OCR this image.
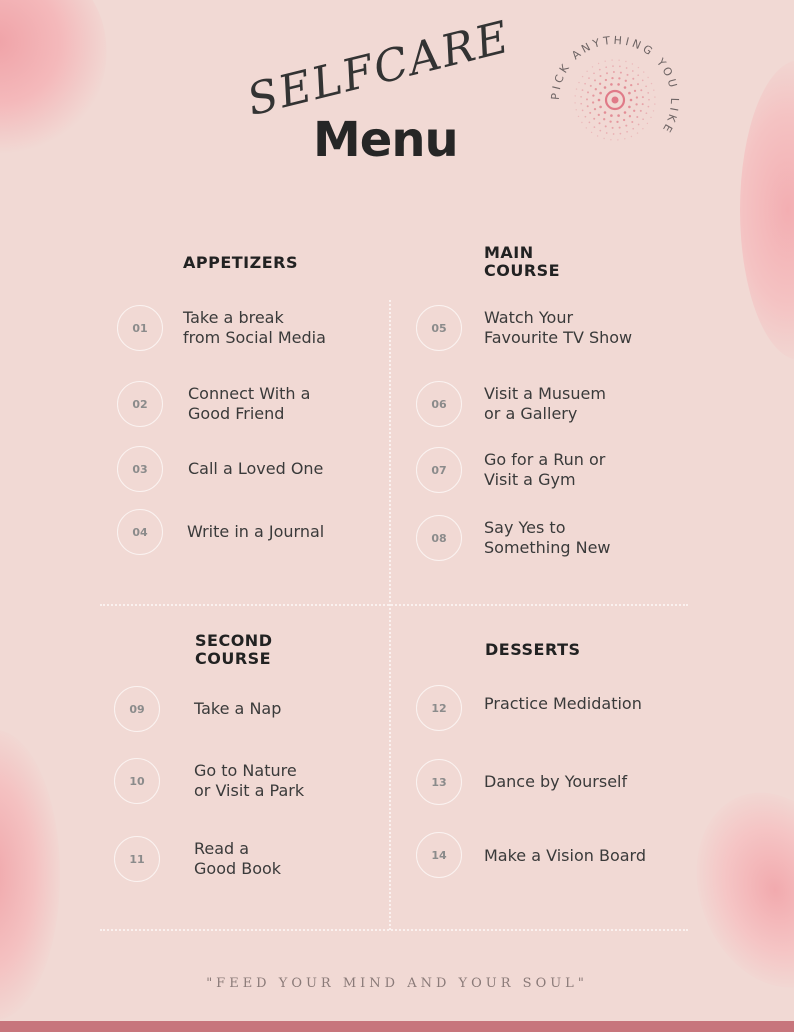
SELFCARE
Menu
PICK ANYTHING YOU LIKE
APPETIZERS
MAIN
COURSE
SECOND
COURSE	DESSERTS
01
Take a break
from Social Media
02
Connect With a
Good Friend
03	Call a Loved One
04	Write in a Journal
05
Watch Your
Favourite TV Show
06
Visit a Musuem
or a Gallery
07
Go for a Run or
Visit a Gym
08
Say Yes to
Something New
09	Take a Nap
10
Go to Nature
or Visit a Park
11
Read a
Good Book
12	Practice Medidation
13	Dance by Yourself
14	Make a Vision Board
"FEED YOUR MIND AND YOUR SOUL"
